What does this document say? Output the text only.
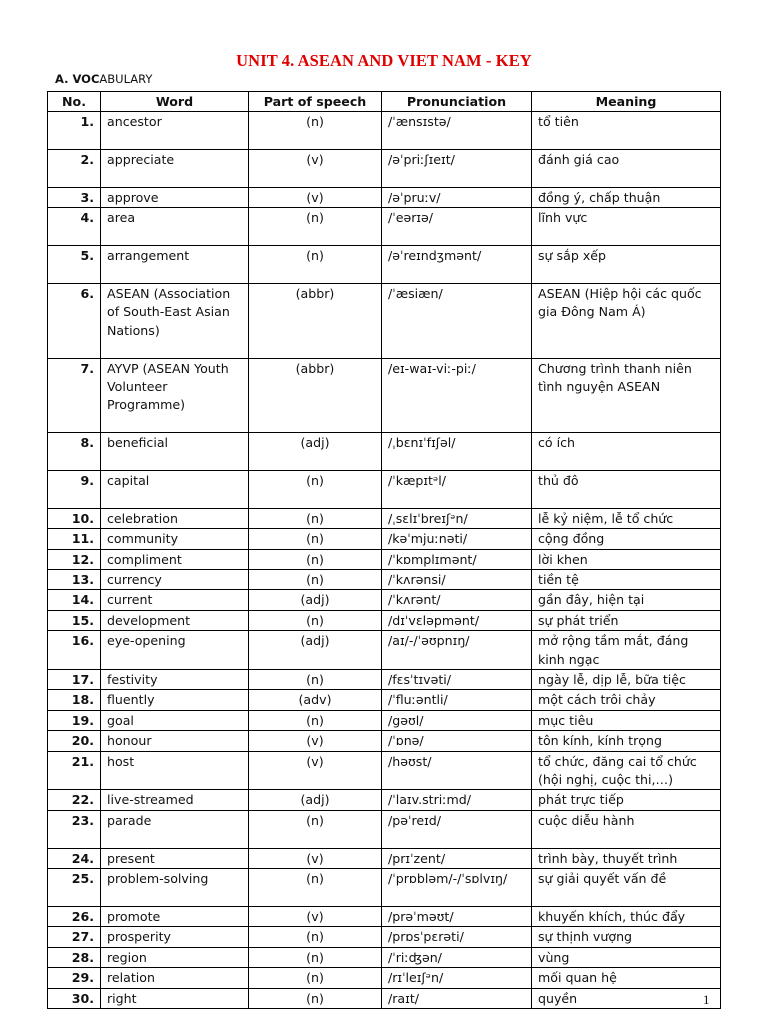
UNIT 4. ASEAN AND VIET NAM - KEY
A. VOCABULARY
No.	Word	Part of speech	Pronunciation	Meaning
1.	ancestor	(n)	/ˈænsɪstə/	tổ tiên
2.	appreciate	(v)	/əˈpriːʃɪeɪt/	đánh giá cao
3.	approve	(v)	/əˈpruːv/	đồng ý, chấp thuận
4.	area	(n)	/ˈeərɪə/	lĩnh vực
5.	arrangement	(n)	/əˈreɪndʒmənt/	sự sắp xếp
6.	ASEAN (Association of South-East Asian Nations)	(abbr)	/ˈæsiæn/	ASEAN (Hiệp hội các quốc gia Đông Nam Á)
7.	AYVP (ASEAN Youth Volunteer Programme)	(abbr)	/eɪ-waɪ-viː-piː/	Chương trình thanh niên tình nguyện ASEAN
8.	beneficial	(adj)	/ˌbɛnɪˈfɪʃəl/	có ích
9.	capital	(n)	/ˈkæpɪtᵊl/	thủ đô
10.	celebration	(n)	/ˌsɛlɪˈbreɪʃᵊn/	lễ kỷ niệm, lễ tổ chức
11.	community	(n)	/kəˈmjuːnəti/	cộng đồng
12.	compliment	(n)	/ˈkɒmplɪmənt/	lời khen
13.	currency	(n)	/ˈkʌrənsi/	tiền tệ
14.	current	(adj)	/ˈkʌrənt/	gần đây, hiện tại
15.	development	(n)	/dɪˈvɛləpmənt/	sự phát triển
16.	eye-opening	(adj)	/aɪ/-/ˈəʊpnɪŋ/	mở rộng tầm mắt, đáng kinh ngạc
17.	festivity	(n)	/fɛsˈtɪvəti/	ngày lễ, dịp lễ, bữa tiệc
18.	fluently	(adv)	/ˈfluːəntli/	một cách trôi chảy
19.	goal	(n)	/gəʊl/	mục tiêu
20.	honour	(v)	/ˈɒnə/	tôn kính, kính trọng
21.	host	(v)	/həʊst/	tổ chức, đăng cai tổ chức (hội nghị, cuộc thi,…)
22.	live-streamed	(adj)	/ˈlaɪv.striːmd/	phát trực tiếp
23.	parade	(n)	/pəˈreɪd/	cuộc diễu hành
24.	present	(v)	/prɪˈzent/	trình bày, thuyết trình
25.	problem-solving	(n)	/ˈprɒbləm/-/ˈsɒlvɪŋ/	sự giải quyết vấn đề
26.	promote	(v)	/prəˈməʊt/	khuyến khích, thúc đẩy
27.	prosperity	(n)	/prɒsˈpɛrəti/	sự thịnh vượng
28.	region	(n)	/ˈriːʤən/	vùng
29.	relation	(n)	/rɪˈleɪʃᵊn/	mối quan hệ
30.	right	(n)	/raɪt/	quyền	1
